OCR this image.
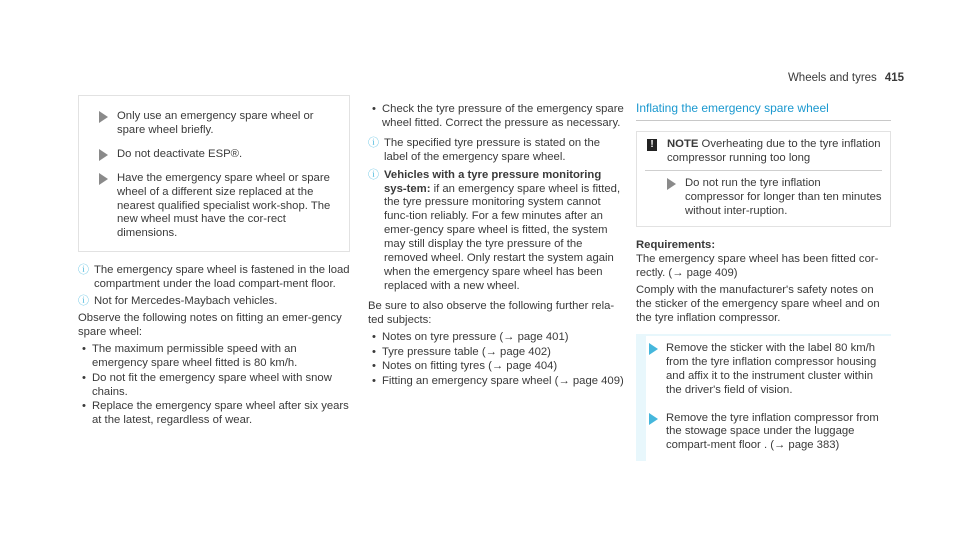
Wheels and tyres 415
Only use an emergency spare wheel or spare wheel briefly.
Do not deactivate ESP®.
Have the emergency spare wheel or spare wheel of a different size replaced at the nearest qualified specialist work-shop. The new wheel must have the cor-rect dimensions.
ⓘ The emergency spare wheel is fastened in the load compartment under the load compart-ment floor.
ⓘ Not for Mercedes-Maybach vehicles.

Observe the following notes on fitting an emer-gency spare wheel:

• The maximum permissible speed with an emergency spare wheel fitted is 80 km/h.
• Do not fit the emergency spare wheel with snow chains.
• Replace the emergency spare wheel after six years at the latest, regardless of wear.
• Check the tyre pressure of the emergency spare wheel fitted. Correct the pressure as necessary.
ⓘ The specified tyre pressure is stated on the label of the emergency spare wheel.
ⓘ Vehicles with a tyre pressure monitoring sys-tem: if an emergency spare wheel is fitted, the tyre pressure monitoring system cannot func-tion reliably. For a few minutes after an emer-gency spare wheel is fitted, the system may still display the tyre pressure of the removed wheel. Only restart the system again when the emergency spare wheel has been replaced with a new wheel.

Be sure to also observe the following further rela-ted subjects:

• Notes on tyre pressure (→ page 401)
• Tyre pressure table (→ page 402)
• Notes on fitting tyres (→ page 404)
• Fitting an emergency spare wheel (→ page 409)
Inflating the emergency spare wheel
! NOTE Overheating due to the tyre inflation compressor running too long
Do not run the tyre inflation compressor for longer than ten minutes without inter-ruption.

Requirements:
The emergency spare wheel has been fitted cor-rectly. (→ page 409)

Comply with the manufacturer's safety notes on the sticker of the emergency spare wheel and on the tyre inflation compressor.

Remove the sticker with the label 80 km/h from the tyre inflation compressor housing and affix it to the instrument cluster within the driver's field of vision.
Remove the tyre inflation compressor from the stowage space under the luggage compart-ment floor . (→ page 383)
